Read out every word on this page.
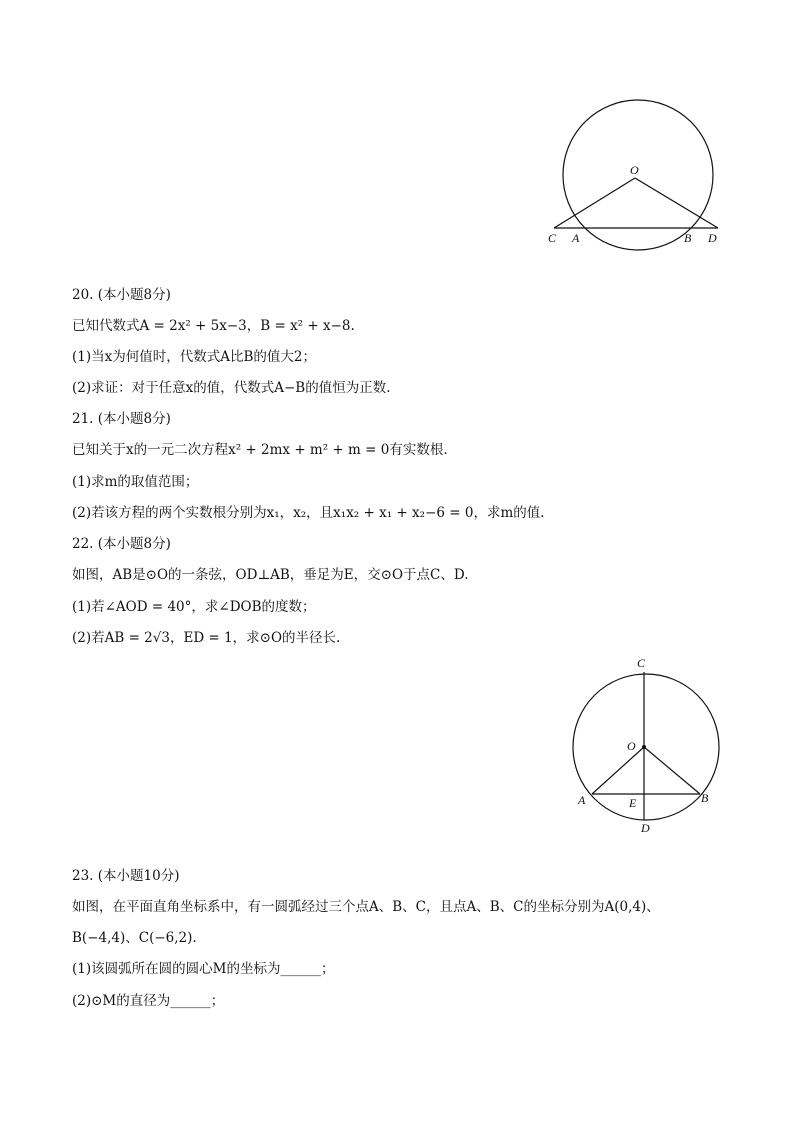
O
C A	B D
20. (本小题8分)
已知代数式A = 2x² + 5x−3，B = x² + x−8.
(1)当x为何值时，代数式A比B的值大2；
(2)求证：对于任意x的值，代数式A−B的值恒为正数.
21. (本小题8分)
已知关于x的一元二次方程x² + 2mx + m² + m = 0有实数根.
(1)求m的取值范围；
(2)若该方程的两个实数根分别为x₁，x₂，且x₁x₂ + x₁ + x₂−6 = 0，求m的值.
22. (本小题8分)
如图，AB是⊙O的一条弦，OD⊥AB，垂足为E，交⊙O于点C、D.
(1)若∠AOD = 40°，求∠DOB的度数；
(2)若AB = 2√3，ED = 1，求⊙O的半径长.
C
O
A	E	B
D
23. (本小题10分)
如图，在平面直角坐标系中，有一圆弧经过三个点A、B、C，且点A、B、C的坐标分别为A(0,4)、
B(−4,4)、C(−6,2).
(1)该圆弧所在圆的圆心M的坐标为______；
(2)⊙M的直径为______；
